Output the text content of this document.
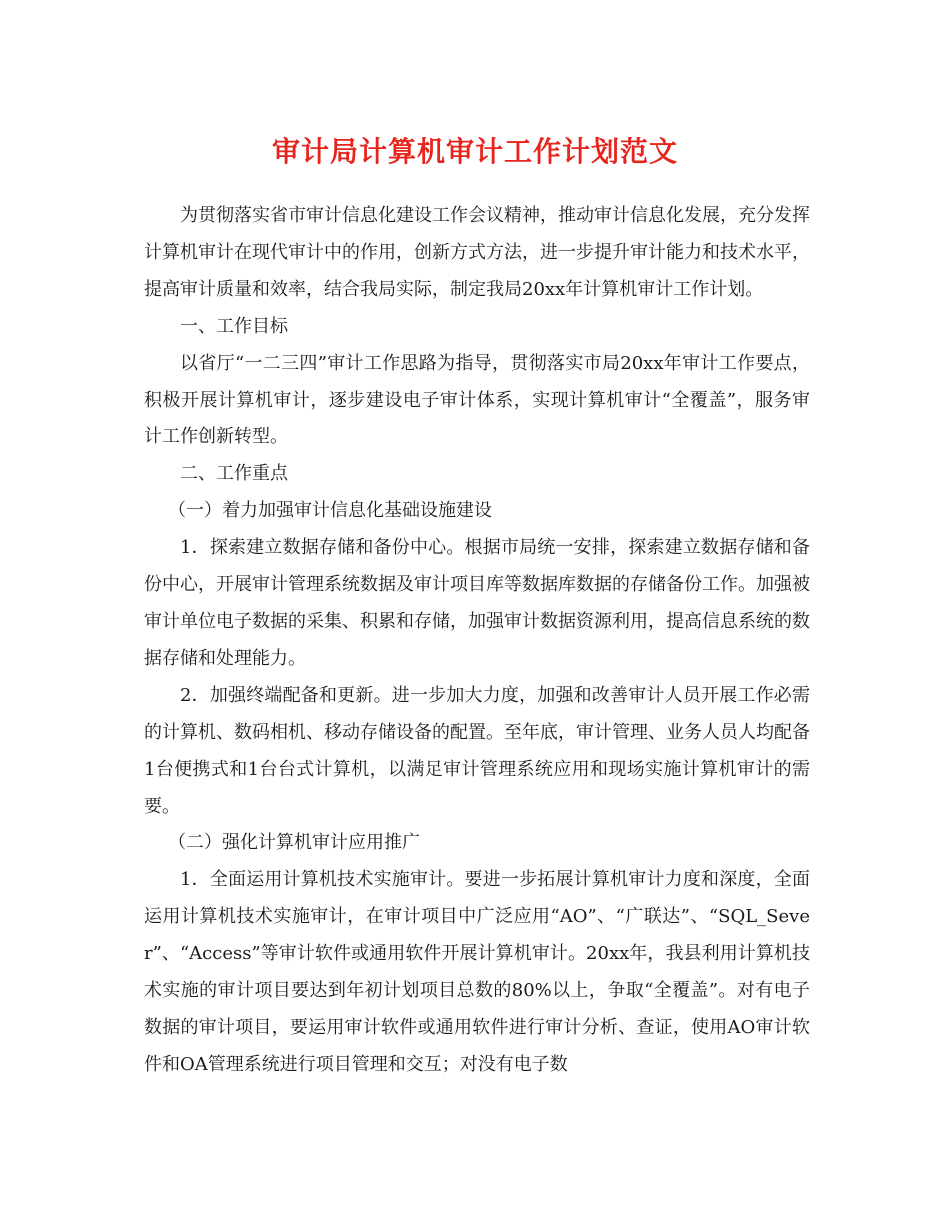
审计局计算机审计工作计划范文

为贯彻落实省市审计信息化建设工作会议精神，推动审计信息化发展，充分发挥计算机审计在现代审计中的作用，创新方式方法，进一步提升审计能力和技术水平，提高审计质量和效率，结合我局实际，制定我局20xx年计算机审计工作计划。

一、工作目标

以省厅“一二三四”审计工作思路为指导，贯彻落实市局20xx年审计工作要点，积极开展计算机审计，逐步建设电子审计体系，实现计算机审计“全覆盖”，服务审计工作创新转型。

二、工作重点

（一）着力加强审计信息化基础设施建设

1．探索建立数据存储和备份中心。根据市局统一安排，探索建立数据存储和备份中心，开展审计管理系统数据及审计项目库等数据库数据的存储备份工作。加强被审计单位电子数据的采集、积累和存储，加强审计数据资源利用，提高信息系统的数据存储和处理能力。

2．加强终端配备和更新。进一步加大力度，加强和改善审计人员开展工作必需的计算机、数码相机、移动存储设备的配置。至年底，审计管理、业务人员人均配备1台便携式和1台台式计算机，以满足审计管理系统应用和现场实施计算机审计的需要。

（二）强化计算机审计应用推广

1．全面运用计算机技术实施审计。要进一步拓展计算机审计力度和深度，全面运用计算机技术实施审计，在审计项目中广泛应用“AO”、“广联达”、“SQL_Sever”、“Access”等审计软件或通用软件开展计算机审计。20xx年，我县利用计算机技术实施的审计项目要达到年初计划项目总数的80%以上，争取“全覆盖”。对有电子数据的审计项目，要运用审计软件或通用软件进行审计分析、查证，使用AO审计软件和OA管理系统进行项目管理和交互；对没有电子数
